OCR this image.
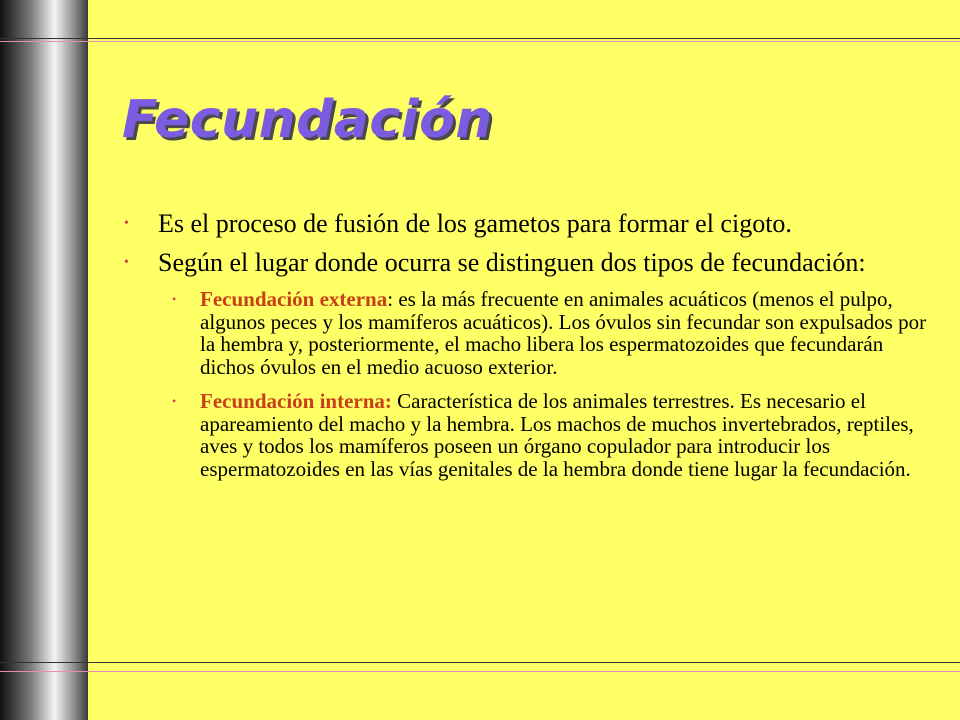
Fecundación
• Es el proceso de fusión de los gametos para formar el cigoto.
• Según el lugar donde ocurra se distinguen dos tipos de fecundación:
• Fecundación externa: es la más frecuente en animales acuáticos (menos el pulpo, algunos peces y los mamíferos acuáticos). Los óvulos sin fecundar son expulsados por la hembra y, posteriormente, el macho libera los espermatozoides que fecundarán dichos óvulos en el medio acuoso exterior.
• Fecundación interna: Característica de los animales terrestres. Es necesario el apareamiento del macho y la hembra. Los machos de muchos invertebrados, reptiles, aves y todos los mamíferos poseen un órgano copulador para introducir los espermatozoides en las vías genitales de la hembra donde tiene lugar la fecundación.
